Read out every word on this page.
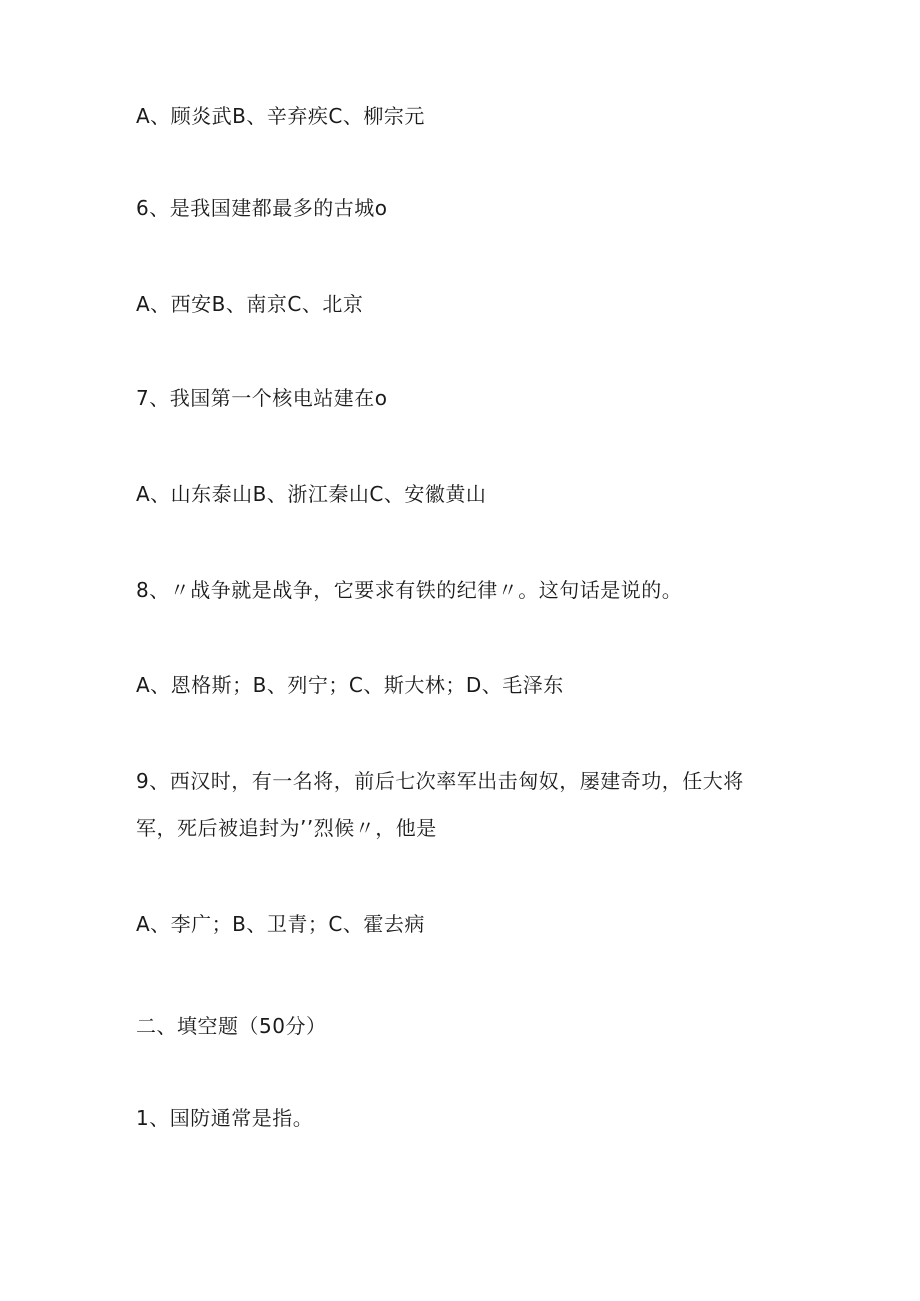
A、顾炎武B、辛弃疾C、柳宗元
6、是我国建都最多的古城o
A、西安B、南京C、北京
7、我国第一个核电站建在o
A、山东泰山B、浙江秦山C、安徽黄山
8、〃战争就是战争，它要求有铁的纪律〃。这句话是说的。
A、恩格斯；B、列宁；C、斯大林；D、毛泽东
9、西汉时，有一名将，前后七次率军出击匈奴，屡建奇功，任大将
军，死后被追封为’’烈候〃，他是
A、李广；B、卫青；C、霍去病
二、填空题（50分）
1、国防通常是指。
